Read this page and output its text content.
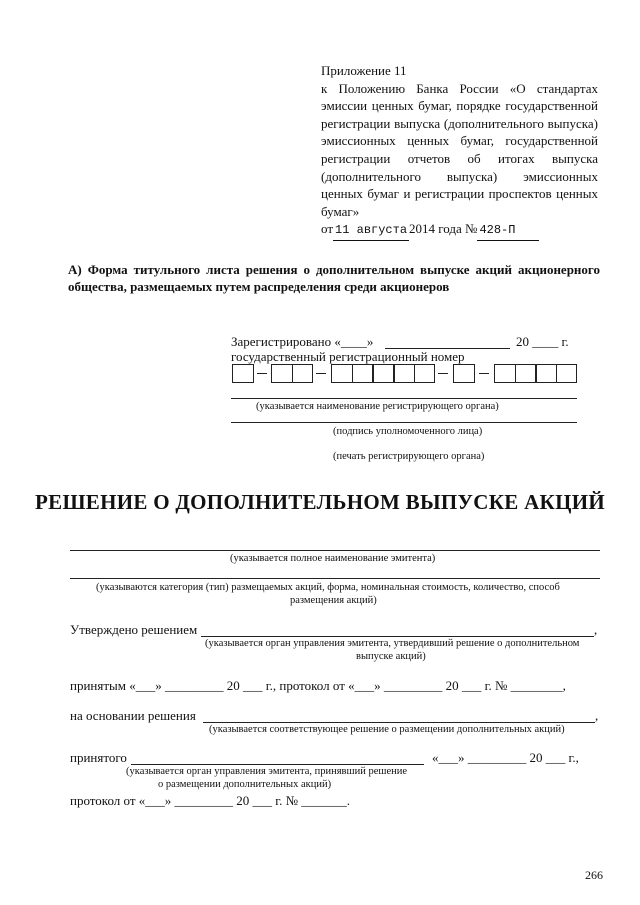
Приложение 11
к Положению Банка России «О стандартах
эмиссии ценных бумаг, порядке государственной
регистрации выпуска (дополнительного выпуска)
эмиссионных ценных бумаг, государственной
регистрации отчетов об итогах выпуска
(дополнительного выпуска) эмиссионных
ценных бумаг и регистрации проспектов ценных
бумаг»
от 11 августа 2014 года № 428-П
А) Форма титульного листа решения о дополнительном выпуске акций акционерного
общества, размещаемых путем распределения среди акционеров
Зарегистрировано «____»	20 ____ г.
государственный регистрационный номер
(указывается наименование регистрирующего органа)
(подпись уполномоченного лица)
(печать регистрирующего органа)
РЕШЕНИЕ О ДОПОЛНИТЕЛЬНОМ ВЫПУСКЕ АКЦИЙ
(указывается полное наименование эмитента)
(указываются категория (тип) размещаемых акций, форма, номинальная стоимость, количество, способ
размещения акций)
Утверждено решением	,
(указывается орган управления эмитента, утвердивший решение о дополнительном
выпуске акций)
принятым «___» _________ 20 ___ г., протокол от «___» _________ 20 ___ г. № ________,
на основании решения	,
(указывается соответствующее решение о размещении дополнительных акций)
принятого	«___» _________ 20 ___ г.,
(указывается орган управления эмитента, принявший решение
о размещении дополнительных акций)
протокол от «___» _________ 20 ___ г. № _______.
266
